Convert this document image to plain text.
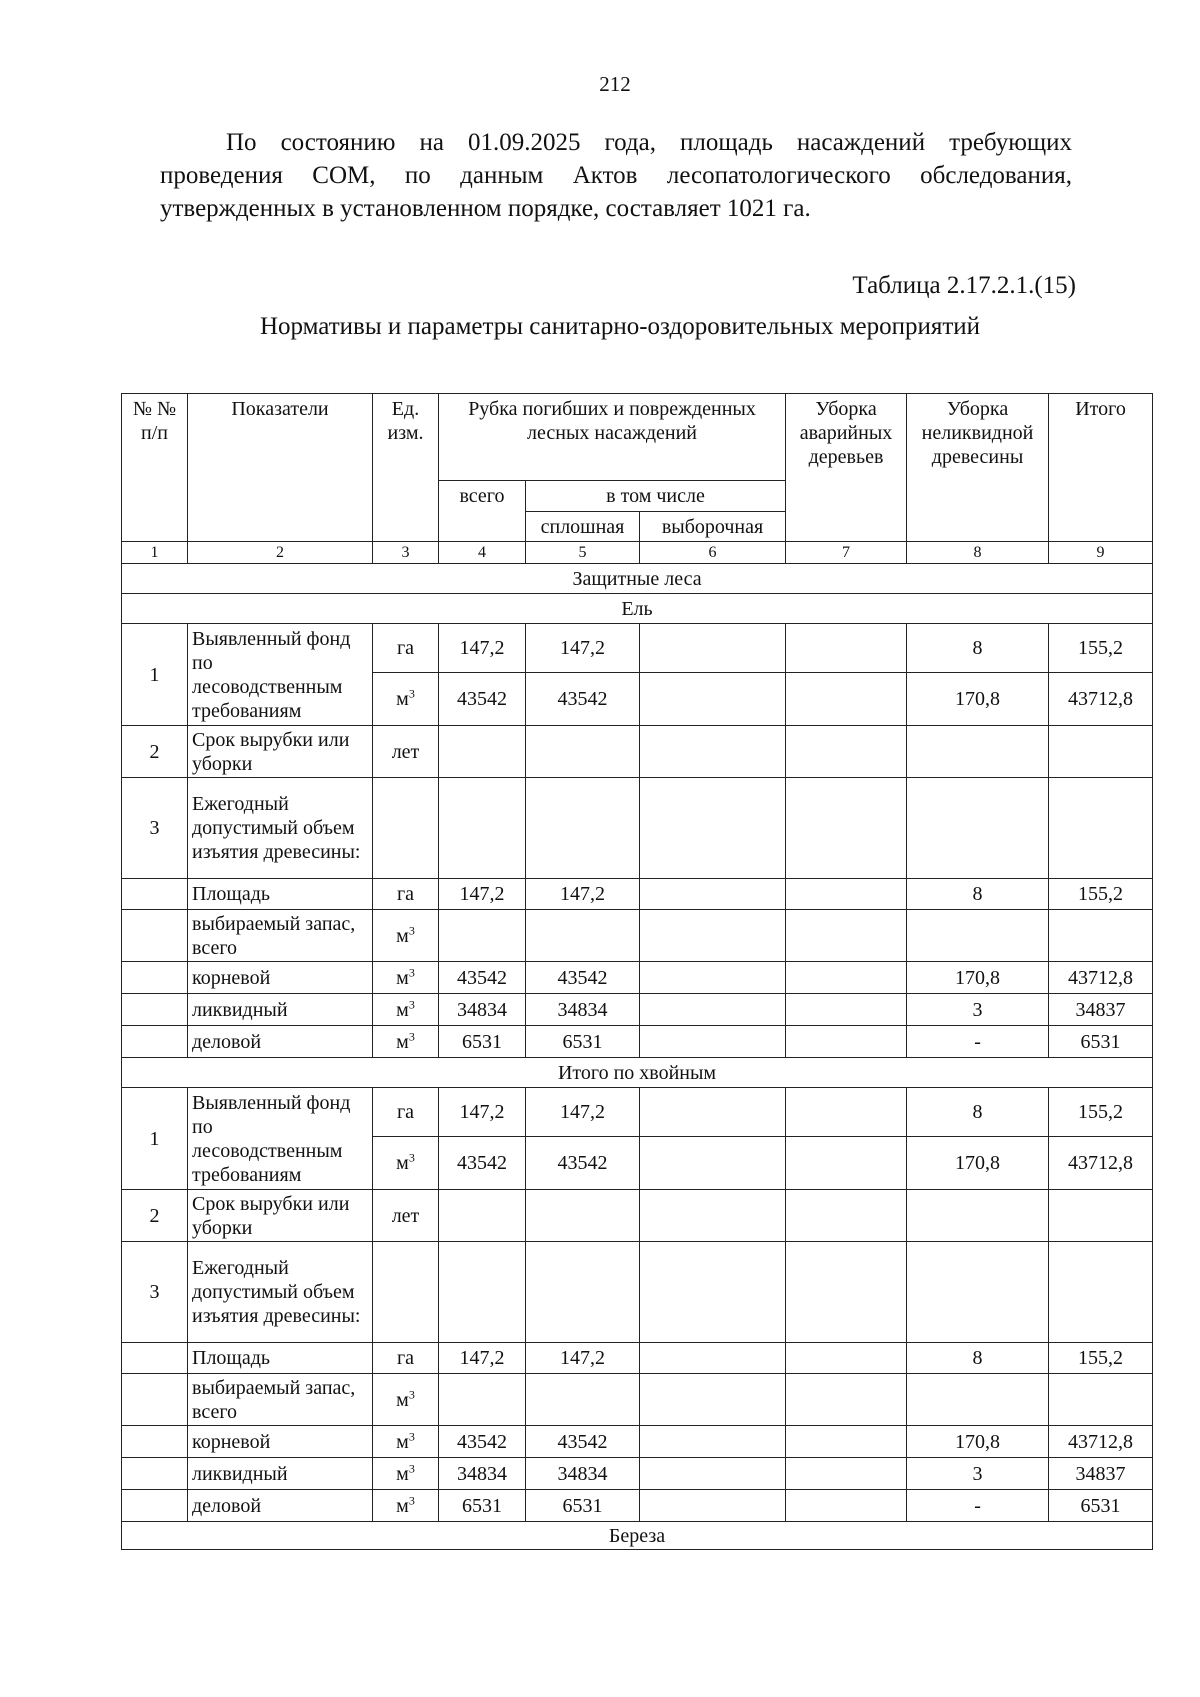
212

По состоянию на 01.09.2025 года, площадь насаждений требующих проведения СОМ, по данным Актов лесопатологического обследования, утвержденных в установленном порядке, составляет 1021 га.

Таблица 2.17.2.1.(15)
Нормативы и параметры санитарно-оздоровительных мероприятий
№ № п/п	Показатели	Ед. изм.	Рубка погибших и поврежденных лесных насаждений			Уборка аварийных деревьев	Уборка неликвидной древесины	Итого
			всего	в том числе				
				сплошная	выборочная			
1	2	3	4	5	6	7	8	9
Защитные леса								
Ель								
1	Выявленный фонд по лесоводственным требованиям	га	147,2	147,2			8	155,2
		$м^3$	43542	43542			170,8	43712,8
2	Срок вырубки или уборки	лет						
3	Ежегодный допустимый объем изъятия древесины:							
	Площадь	га	147,2	147,2			8	155,2
	выбираемый запас, всего	$м^3$						
	корневой	$м^3$	43542	43542			170,8	43712,8
	ликвидный	$м^3$	34834	34834			3	34837
	деловой	$м^3$	6531	6531			-	6531
Итого по хвойным								
1	Выявленный фонд по лесоводственным требованиям	га	147,2	147,2			8	155,2
		$м^3$	43542	43542			170,8	43712,8
2	Срок вырубки или уборки	лет						
3	Ежегодный допустимый объем изъятия древесины:							
	Площадь	га	147,2	147,2			8	155,2
	выбираемый запас, всего	$м^3$						
	корневой	$м^3$	43542	43542			170,8	43712,8
	ликвидный	$м^3$	34834	34834			3	34837
	деловой	$м^3$	6531	6531			-	6531
Береза								
